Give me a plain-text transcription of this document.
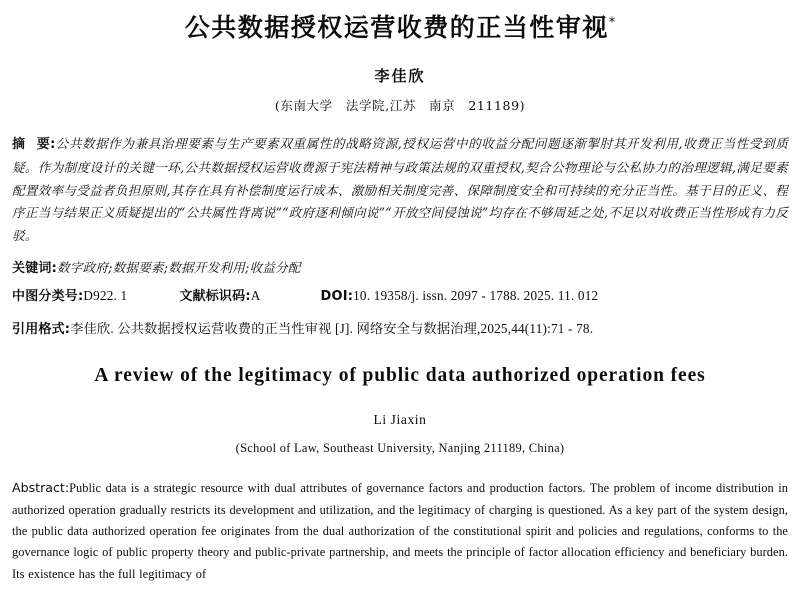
公共数据授权运营收费的正当性审视*
李佳欣
(东南大学　法学院,江苏　南京　211189)
摘 要:公共数据作为兼具治理要素与生产要素双重属性的战略资源,授权运营中的收益分配问题逐渐掣肘其开发利用,收费正当性受到质疑。作为制度设计的关键一环,公共数据授权运营收费源于宪法精神与政策法规的双重授权,契合公物理论与公私协力的治理逻辑,满足要素配置效率与受益者负担原则,其存在具有补偿制度运行成本、激励相关制度完善、保障制度安全和可持续的充分正当性。基于目的正义、程序正当与结果正义质疑提出的“公共属性背离说”“政府逐利倾向说”“开放空间侵蚀说”均存在不够周延之处,不足以对收费正当性形成有力反驳。
关键词:数字政府;数据要素;数据开发利用;收益分配
中图分类号:D922. 1	文献标识码:A	DOI:10. 19358/j. issn. 2097 - 1788. 2025. 11. 012
引用格式:李佳欣. 公共数据授权运营收费的正当性审视 [J]. 网络安全与数据治理,2025,44(11):71 - 78.
A review of the legitimacy of public data authorized operation fees
Li Jiaxin
(School of Law, Southeast University, Nanjing 211189, China)
Abstract:Public data is a strategic resource with dual attributes of governance factors and production factors. The problem of income distribution in authorized operation gradually restricts its development and utilization, and the legitimacy of charging is questioned. As a key part of the system design, the public data authorized operation fee originates from the dual authorization of the constitutional spirit and policies and regulations, conforms to the governance logic of public property theory and public-private partnership, and meets the principle of factor allocation efficiency and beneficiary burden. Its existence has the full legitimacy of
